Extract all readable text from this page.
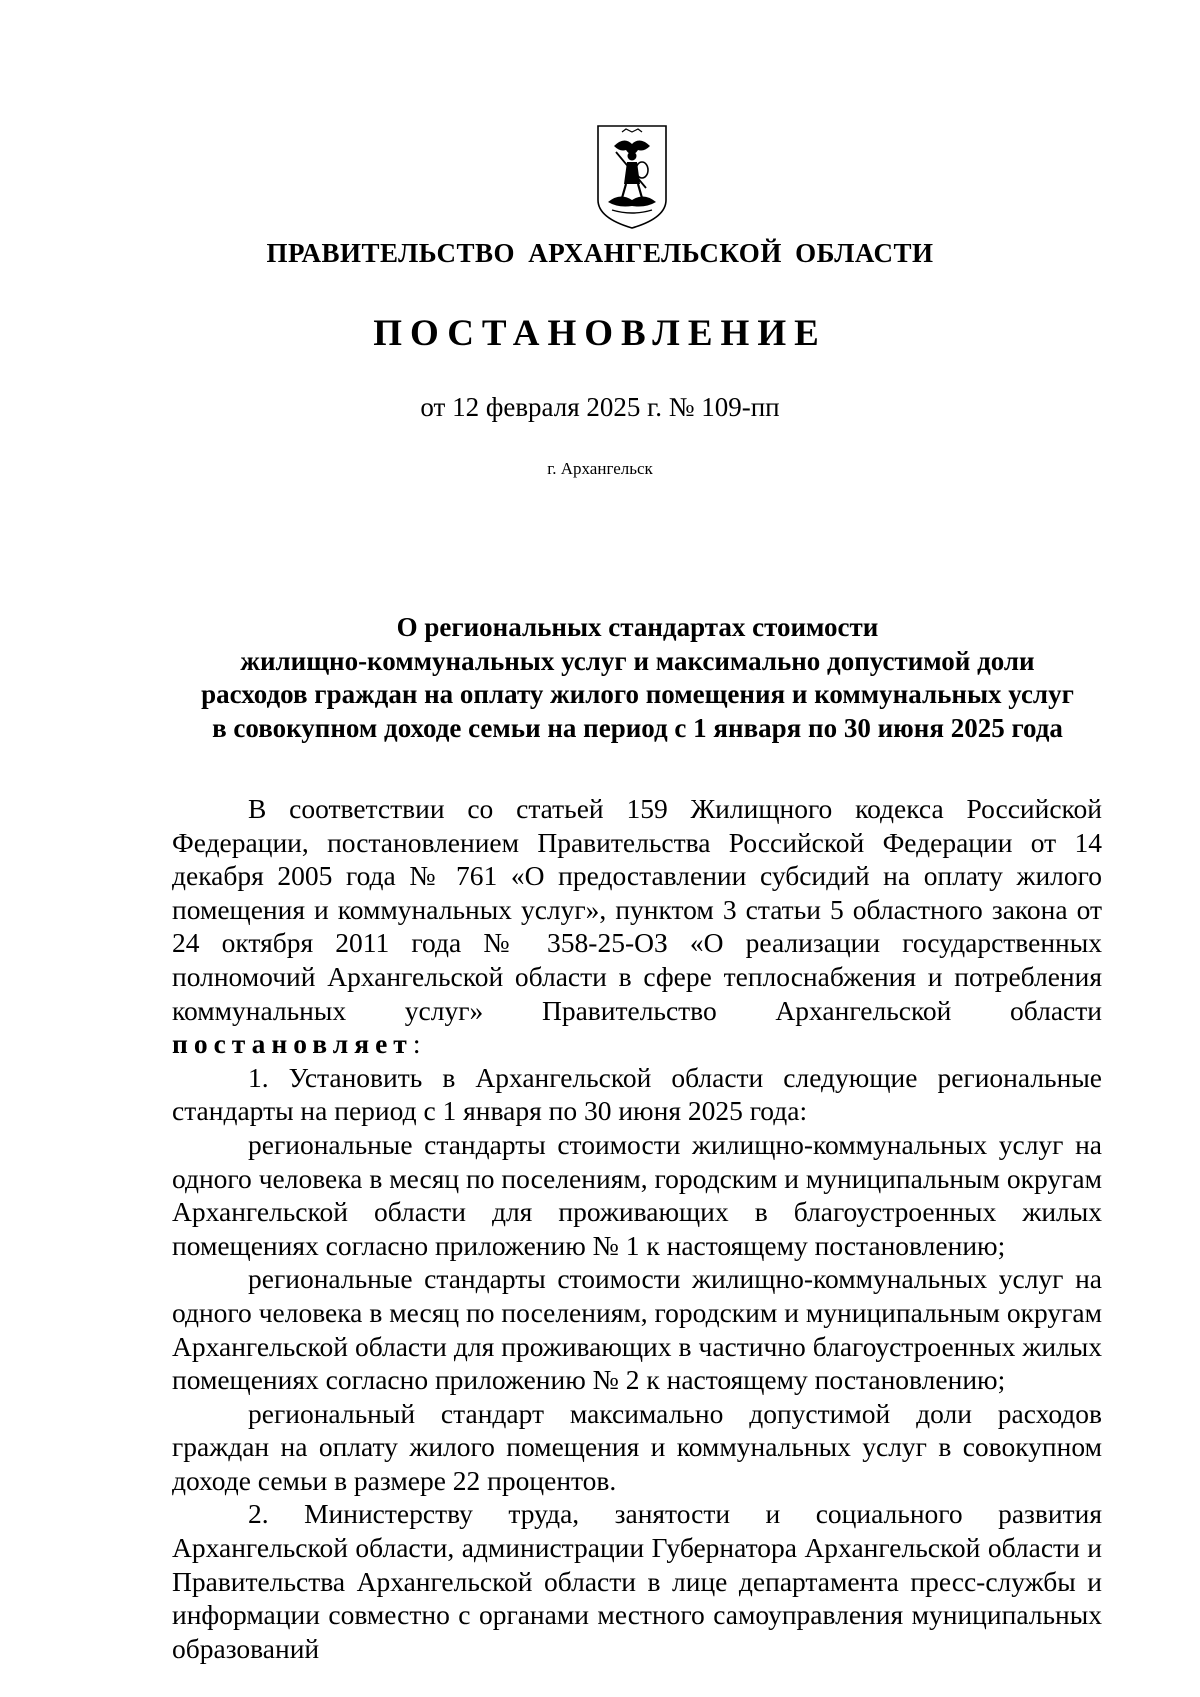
ПРАВИТЕЛЬСТВО АРХАНГЕЛЬСКОЙ ОБЛАСТИ
ПОСТАНОВЛЕНИЕ
от 12 февраля 2025 г. № 109-пп
г. Архангельск
О региональных стандартах стоимости
жилищно-коммунальных услуг и максимально допустимой доли
расходов граждан на оплату жилого помещения и коммунальных услуг
в совокупном доходе семьи на период с 1 января по 30 июня 2025 года

В соответствии со статьей 159 Жилищного кодекса Российской Федерации, постановлением Правительства Российской Федерации от 14 декабря 2005 года № 761 «О предоставлении субсидий на оплату жилого помещения и коммунальных услуг», пунктом 3 статьи 5 областного закона от 24 октября 2011 года № 358-25-ОЗ «О реализации государственных полномочий Архангельской области в сфере теплоснабжения и потребления коммунальных услуг» Правительство Архангельской области постановляет:

1. Установить в Архангельской области следующие региональные стандарты на период с 1 января по 30 июня 2025 года:

региональные стандарты стоимости жилищно-коммунальных услуг на одного человека в месяц по поселениям, городским и муниципальным округам Архангельской области для проживающих в благоустроенных жилых помещениях согласно приложению № 1 к настоящему постановлению;

региональные стандарты стоимости жилищно-коммунальных услуг на одного человека в месяц по поселениям, городским и муниципальным округам Архангельской области для проживающих в частично благоустроенных жилых помещениях согласно приложению № 2 к настоящему постановлению;

региональный стандарт максимально допустимой доли расходов граждан на оплату жилого помещения и коммунальных услуг в совокупном доходе семьи в размере 22 процентов.

2. Министерству труда, занятости и социального развития Архангельской области, администрации Губернатора Архангельской области и Правительства Архангельской области в лице департамента пресс-службы и информации совместно с органами местного самоуправления муниципальных образований
